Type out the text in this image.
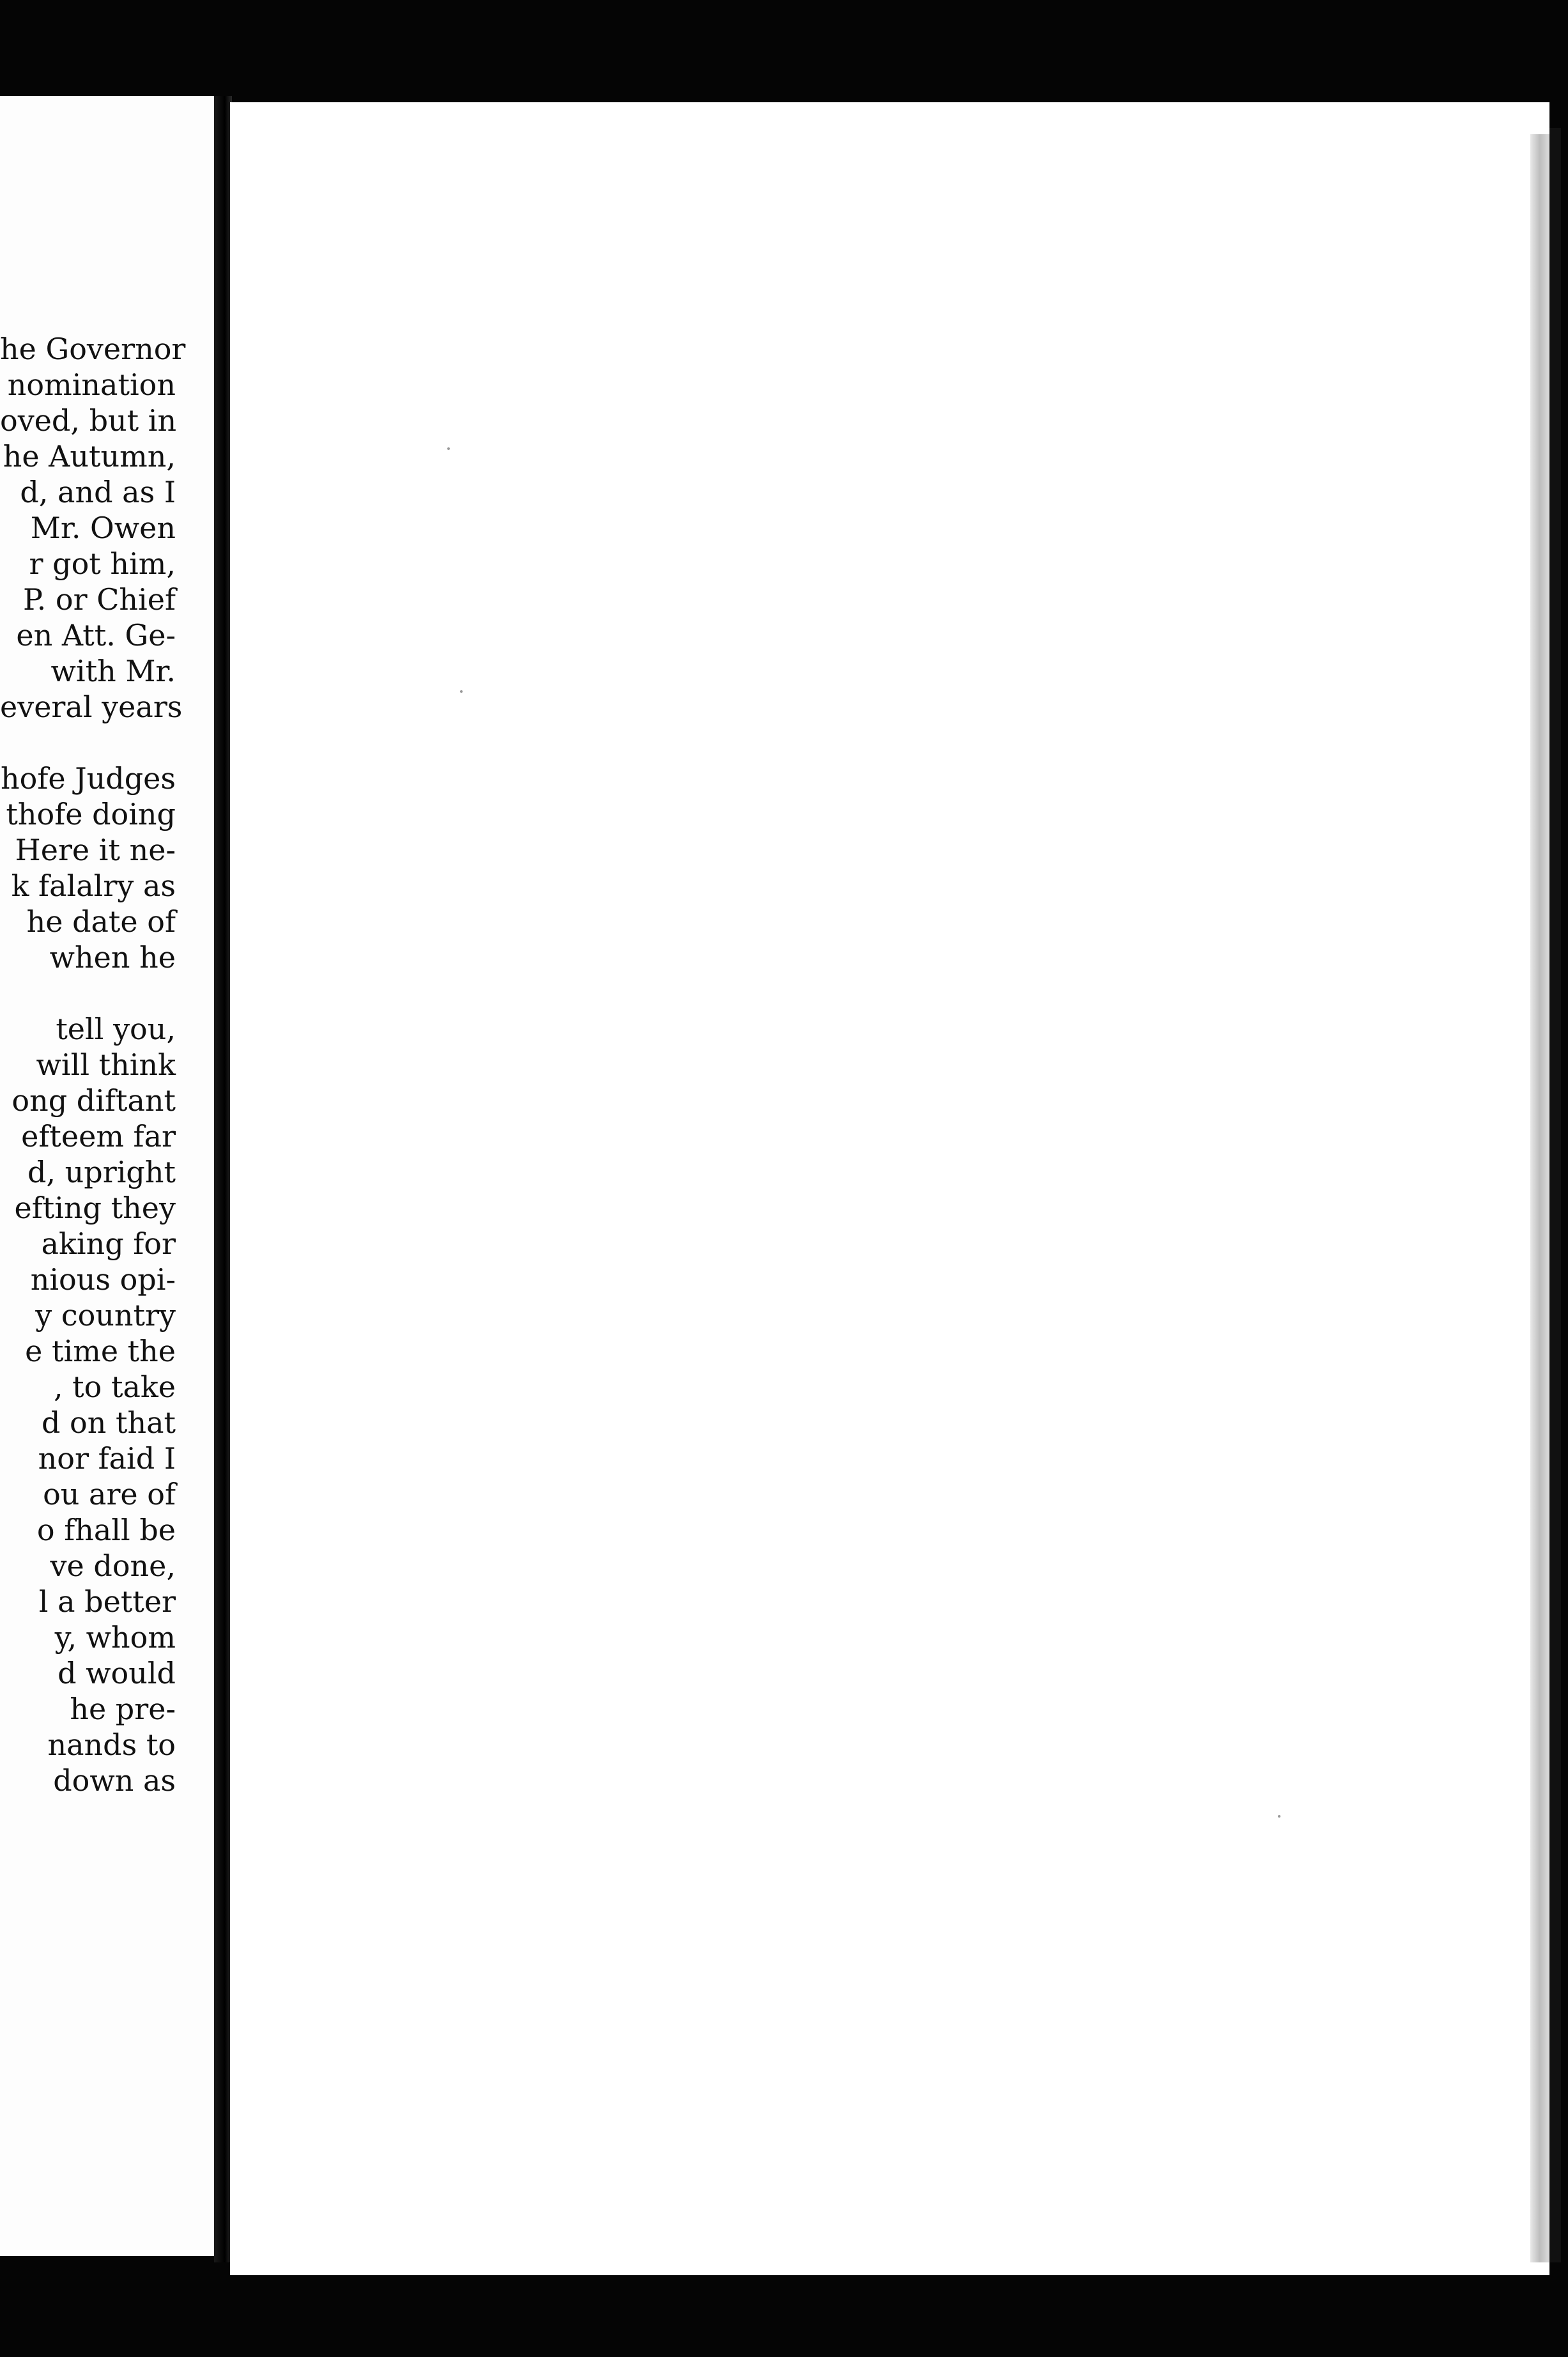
he Governor
nomination
oved, but in
he Autumn,
d, and as I
Mr. Owen
r got him,
P. or Chief
en Att. Ge-
with Mr.
everal years
hofe Judges
thofe doing
Here it ne-
k falalry as
he date of
when he
tell you,
will think
ong diftant
efteem far
d, upright
efting they
aking for
nious opi-
y country
e time the
, to take
d on that
nor faid I
ou are of
o fhall be
ve done,
l a better
y, whom
d would
he pre-
nands to
down as
